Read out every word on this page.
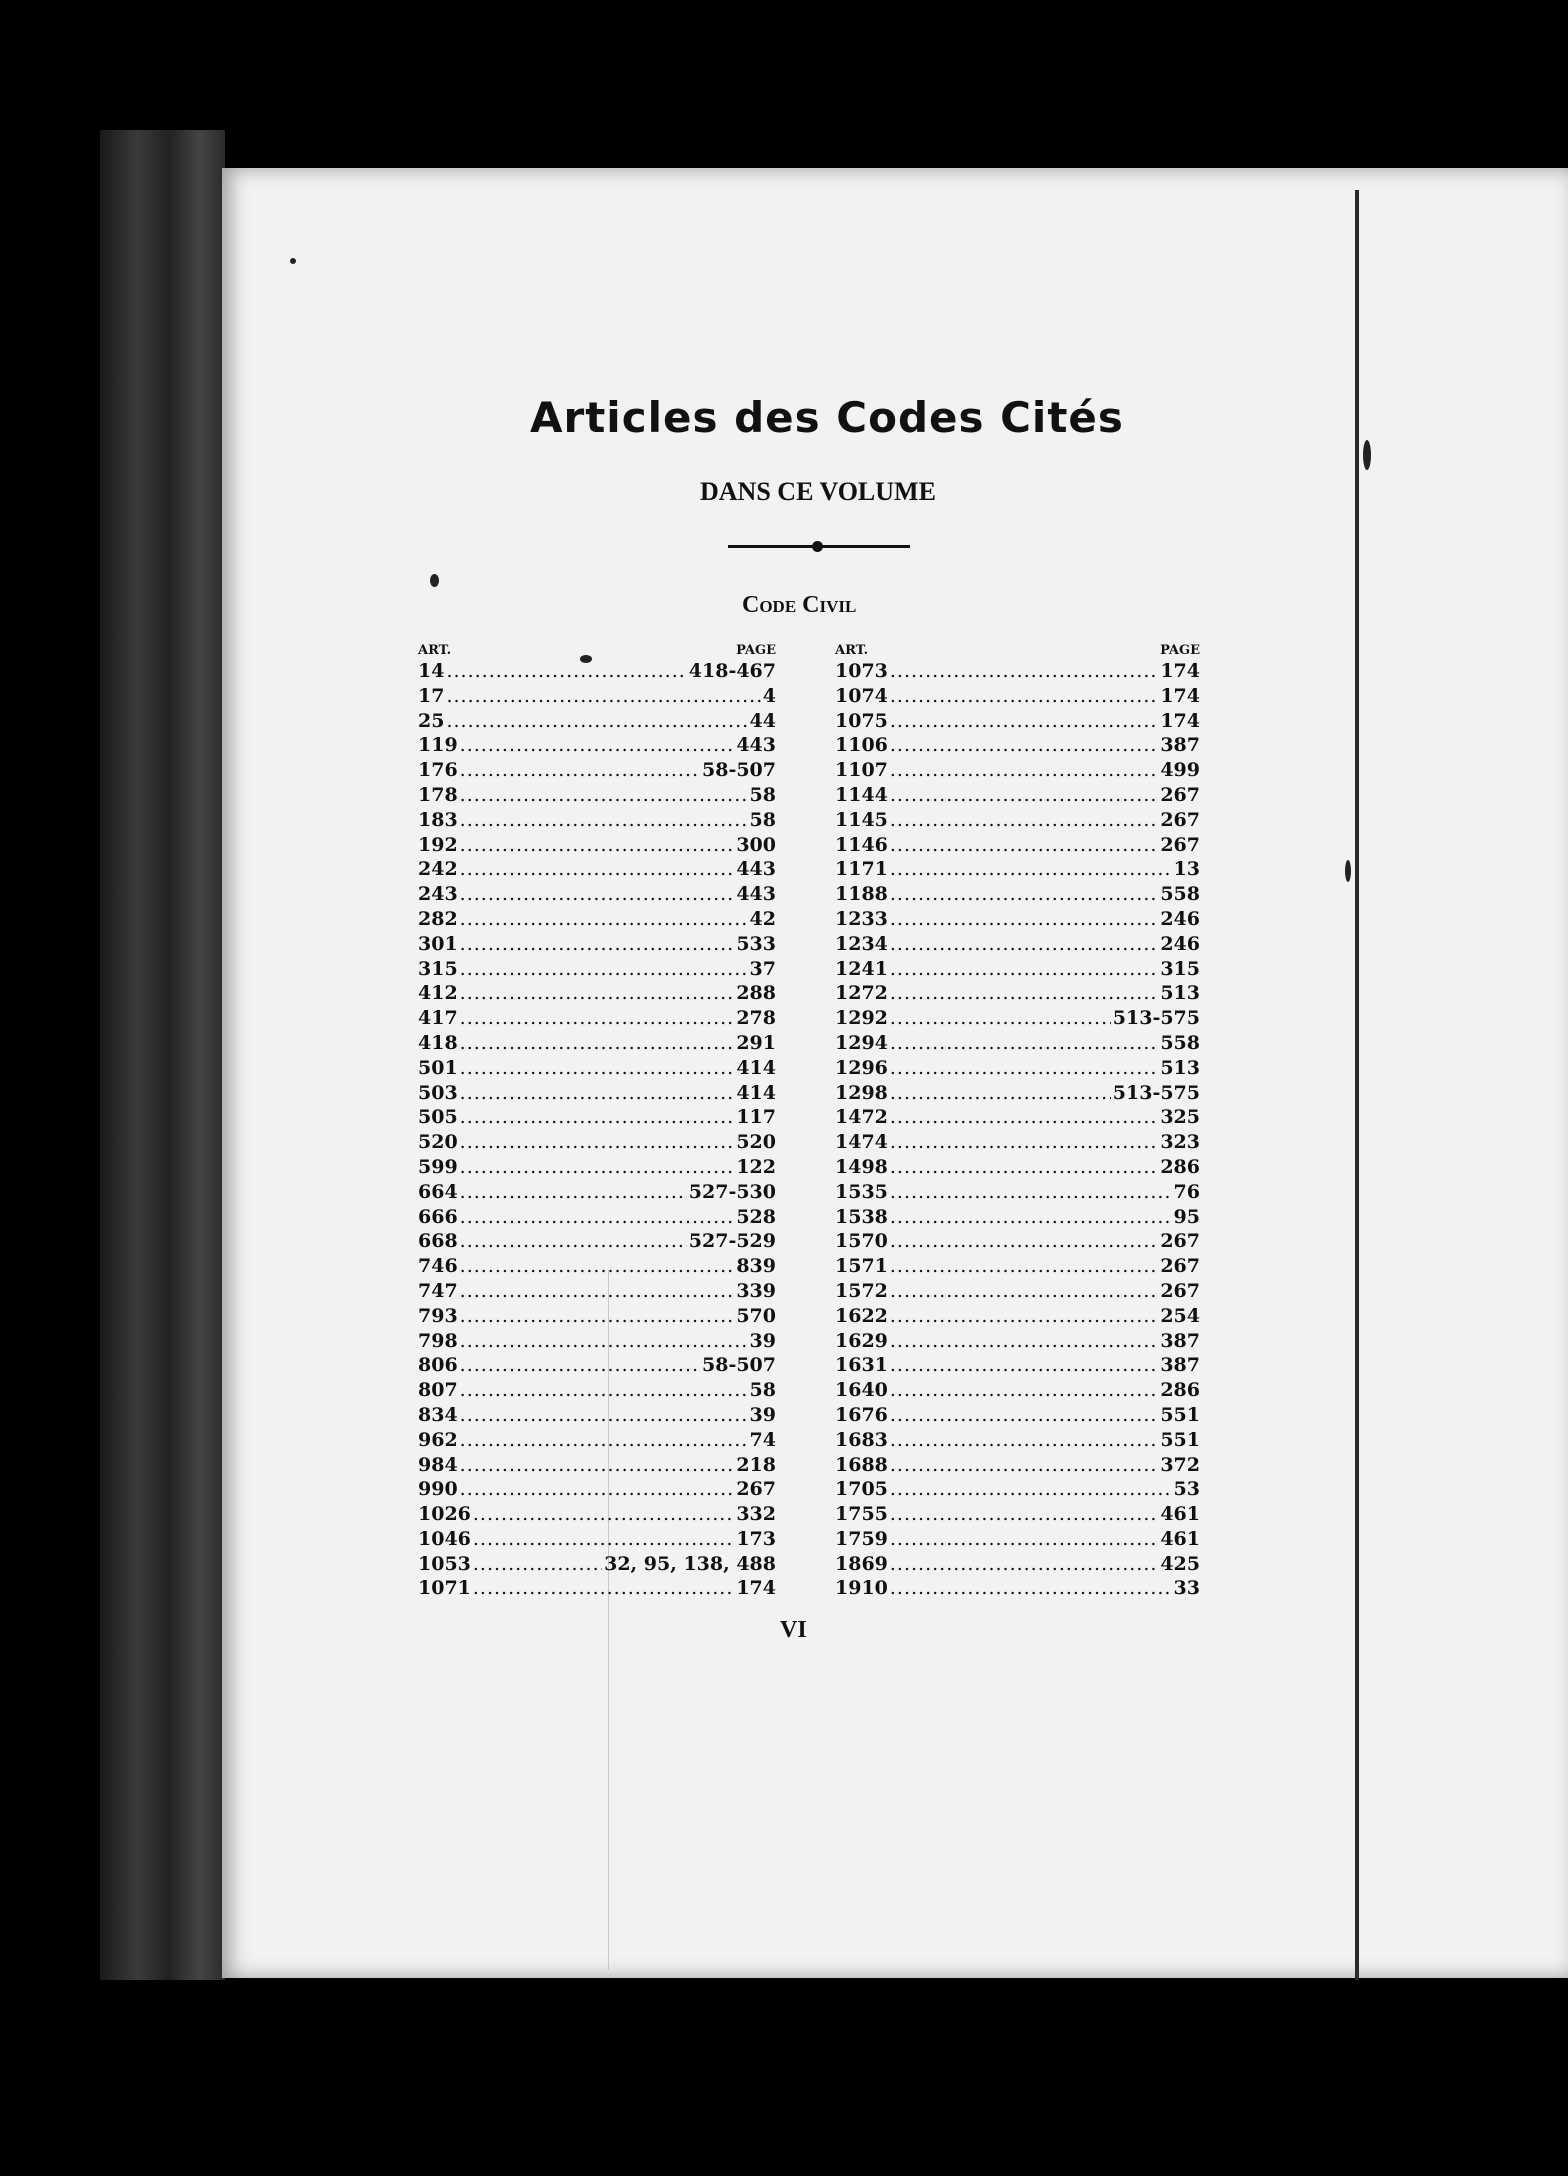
Articles des Codes Cités
DANS CE VOLUME
Code Civil
ART.	PAGE
14 .....	418-467
17 .....	4
25 .....	44
119 .....	443
176 .....	58-507
178 .....	58
183 .....	58
192 .....	300
242 .....	443
243 .....	443
282 .....	42
301 .....	533
315 .....	37
412 .....	288
417 .....	278
418 .....	291
501 .....	414
503 .....	414
505 .....	117
520 .....	520
599 .....	122
664 .....	527-530
666 .....	528
668 .....	527-529
746 .....	839
747 .....	339
793 .....	570
798 .....	39
806 .....	58-507
807 .....	58
834 .....	39
962 .....	74
984 .....	218
990 .....	267
1026 .....	332
1046 .....	173
1053 .....	32, 95, 138, 488
1071 .....	174
ART.	PAGE
1073 .....	174
1074 .....	174
1075 .....	174
1106 .....	387
1107 .....	499
1144 .....	267
1145 .....	267
1146 .....	267
1171 .....	13
1188 .....	558
1233 .....	246
1234 .....	246
1241 .....	315
1272 .....	513
1292 .....	513-575
1294 .....	558
1296 .....	513
1298 .....	513-575
1472 .....	325
1474 .....	323
1498 .....	286
1535 .....	76
1538 .....	95
1570 .....	267
1571 .....	267
1572 .....	267
1622 .....	254
1629 .....	387
1631 .....	387
1640 .....	286
1676 .....	551
1683 .....	551
1688 .....	372
1705 .....	53
1755 .....	461
1759 .....	461
1869 .....	425
1910 .....	33
VI
